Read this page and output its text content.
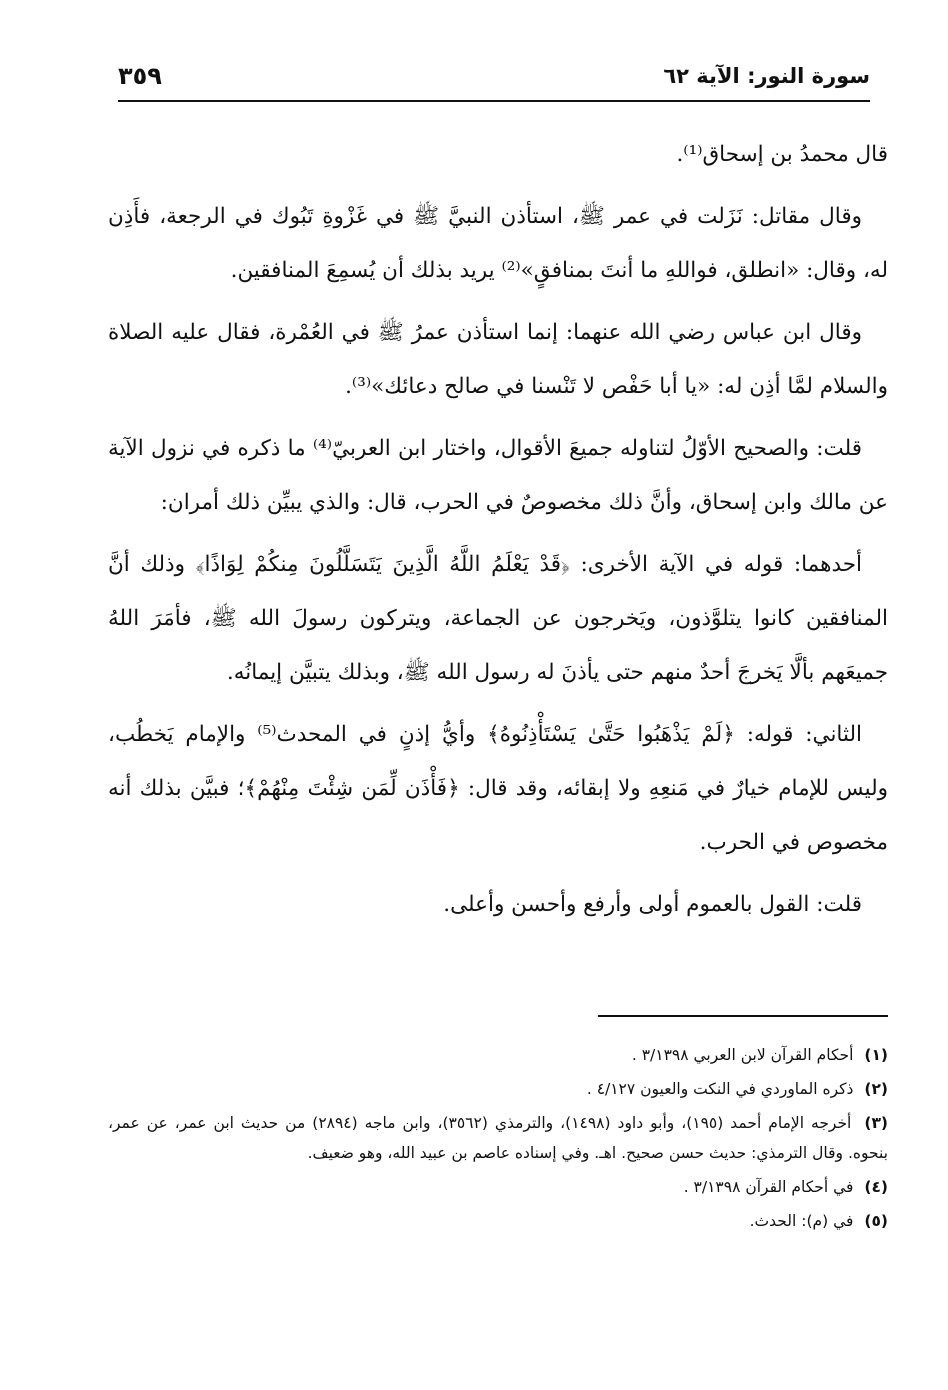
سورة النور: الآية ٦٢
٣٥٩

قال محمدُ بن إسحاق⁽¹⁾.

وقال مقاتل: نَزَلت في عمر ﷺ، استأذن النبيَّ ﷺ في غَزْوةِ تَبُوك في الرجعة، فأَذِن له، وقال: «انطلق، فواللهِ ما أنتَ بمنافقٍ»⁽²⁾ يريد بذلك أن يُسمِعَ المنافقين.

وقال ابن عباس رضي الله عنهما: إنما استأذن عمرُ ﷺ في العُمْرة، فقال عليه الصلاة والسلام لمَّا أذِن له: «يا أبا حَفْص لا تَنْسنا في صالح دعائك»⁽³⁾.

قلت: والصحيح الأوّلُ لتناوله جميعَ الأقوال، واختار ابن العربيّ⁽⁴⁾ ما ذكره في نزول الآية عن مالك وابن إسحاق، وأنَّ ذلك مخصوصٌ في الحرب، قال: والذي يبيِّن ذلك أمران:

أحدهما: قوله في الآية الأخرى: ﴿قَدْ يَعْلَمُ اللَّهُ الَّذِينَ يَتَسَلَّلُونَ مِنكُمْ لِوَاذًا﴾ وذلك أنَّ المنافقين كانوا يتلوَّذون، ويَخرجون عن الجماعة، ويتركون رسولَ الله ﷺ، فأمَرَ اللهُ جميعَهم بألَّا يَخرجَ أحدٌ منهم حتى يأذنَ له رسول الله ﷺ، وبذلك يتبيَّن إيمانُه.

الثاني: قوله: ﴿لَمْ يَذْهَبُوا حَتَّىٰ يَسْتَأْذِنُوهُ﴾ وأيُّ إذنٍ في المحدث⁽⁵⁾ والإمام يَخطُب، وليس للإمام خيارٌ في مَنعِهِ ولا إبقائه، وقد قال: ﴿فَأْذَن لِّمَن شِئْتَ مِنْهُمْ﴾؛ فبيَّن بذلك أنه مخصوص في الحرب.

قلت: القول بالعموم أولى وأرفع وأحسن وأعلى.

(١) أحكام القرآن لابن العربي ٣/١٣٩٨ .

(٢) ذكره الماوردي في النكت والعيون ٤/١٢٧ .

(٣) أخرجه الإمام أحمد (١٩٥)، وأبو داود (١٤٩٨)، والترمذي (٣٥٦٢)، وابن ماجه (٢٨٩٤) من حديث ابن عمر، عن عمر، بنحوه. وقال الترمذي: حديث حسن صحيح. اهـ. وفي إسناده عاصم بن عبيد الله، وهو ضعيف.

(٤) في أحكام القرآن ٣/١٣٩٨ .

(٥) في (م): الحدث.
